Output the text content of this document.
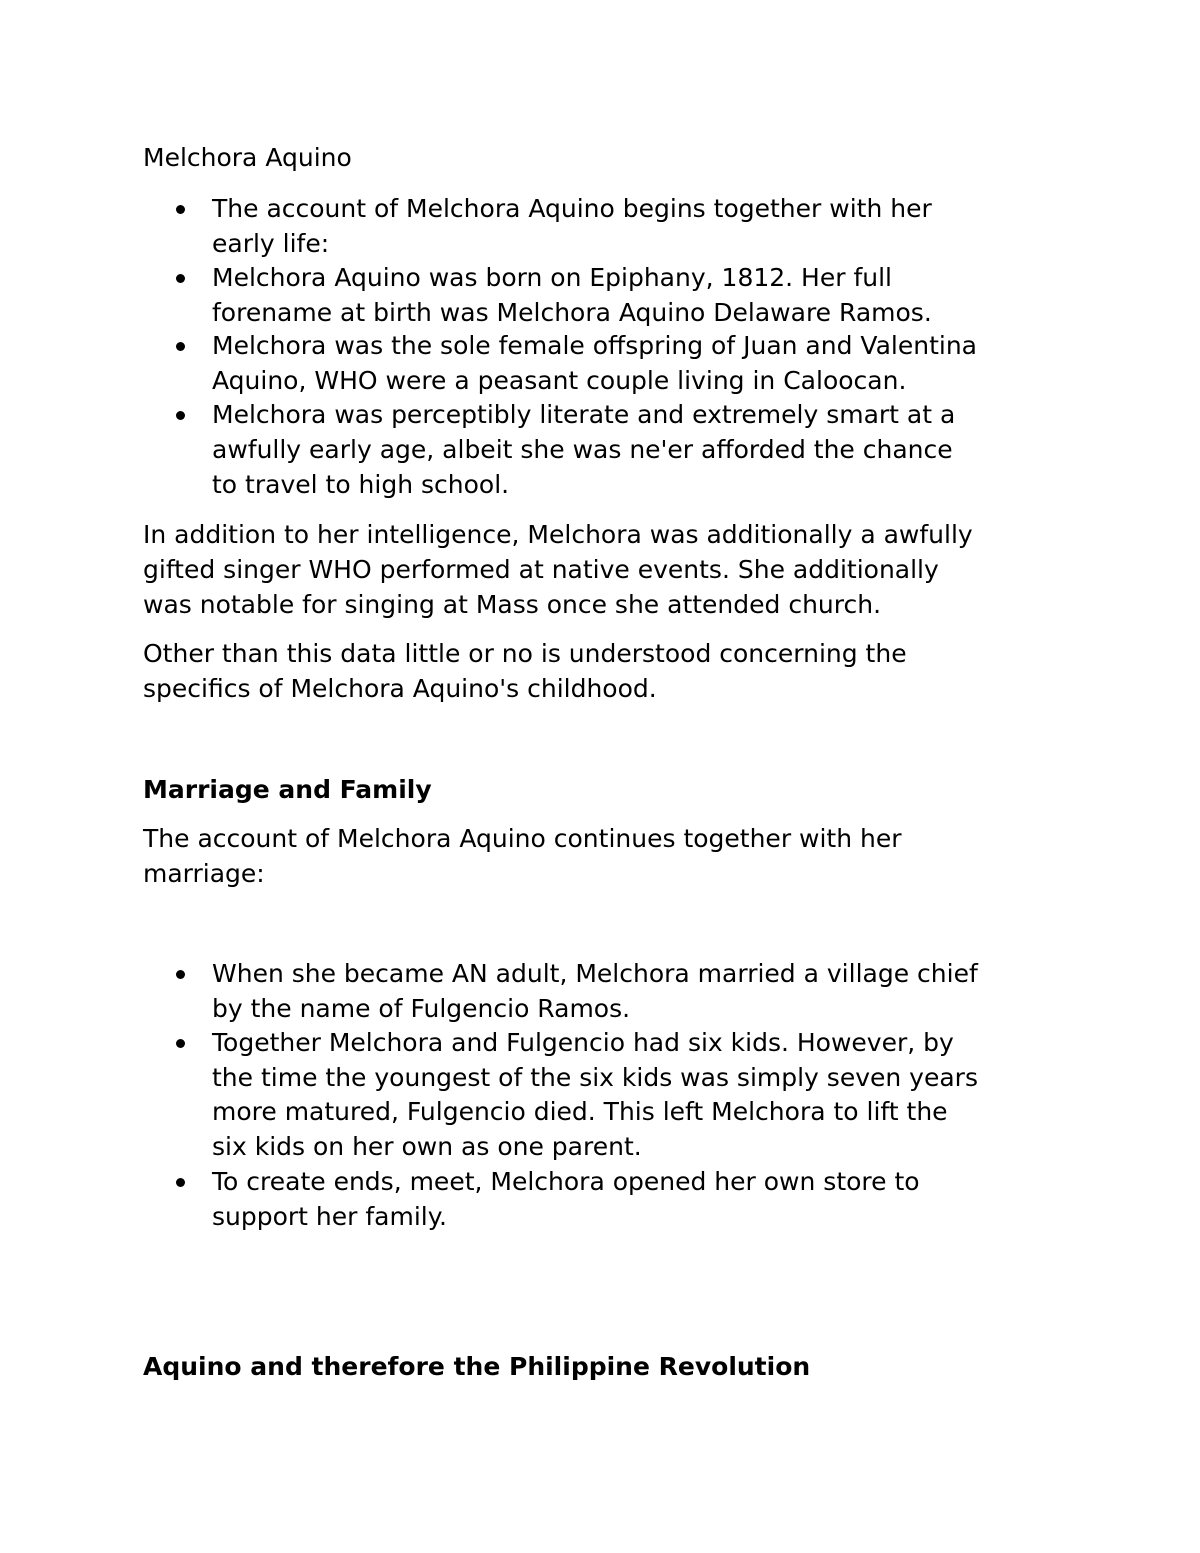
Melchora Aquino

The account of Melchora Aquino begins together with her
early life:
Melchora Aquino was born on Epiphany, 1812. Her full
forename at birth was Melchora Aquino Delaware Ramos.
Melchora was the sole female offspring of Juan and Valentina
Aquino, WHO were a peasant couple living in Caloocan.
Melchora was perceptibly literate and extremely smart at a
awfully early age, albeit she was ne'er afforded the chance
to travel to high school.

In addition to her intelligence, Melchora was additionally a awfully

gifted singer WHO performed at native events. She additionally

was notable for singing at Mass once she attended church.

Other than this data little or no is understood concerning the

specifics of Melchora Aquino's childhood.

Marriage and Family

The account of Melchora Aquino continues together with her

marriage:

When she became AN adult, Melchora married a village chief
by the name of Fulgencio Ramos.
Together Melchora and Fulgencio had six kids. However, by
the time the youngest of the six kids was simply seven years
more matured, Fulgencio died. This left Melchora to lift the
six kids on her own as one parent.
To create ends, meet, Melchora opened her own store to
support her family.
Aquino and therefore the Philippine Revolution
